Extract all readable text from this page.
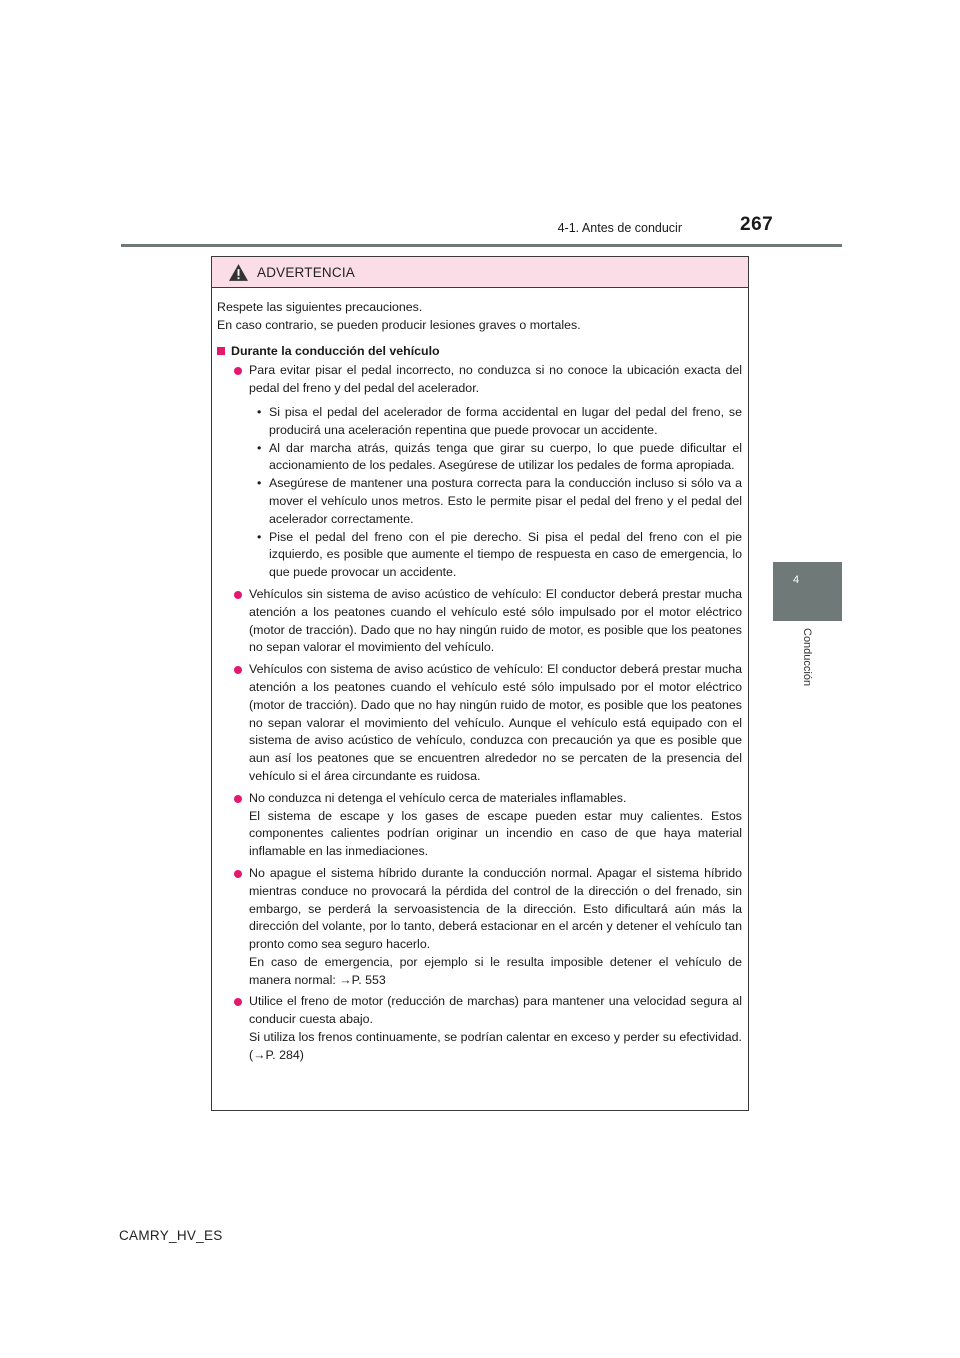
4-1. Antes de conducir	267
4
Conducción
ADVERTENCIA

Respete las siguientes precauciones.

En caso contrario, se pueden producir lesiones graves o mortales.

Durante la conducción del vehículo
Para evitar pisar el pedal incorrecto, no conduzca si no conoce la ubicación exacta del pedal del freno y del pedal del acelerador.
• Si pisa el pedal del acelerador de forma accidental en lugar del pedal del freno, se producirá una aceleración repentina que puede provocar un accidente.
• Al dar marcha atrás, quizás tenga que girar su cuerpo, lo que puede dificultar el accionamiento de los pedales. Asegúrese de utilizar los pedales de forma apropiada.
• Asegúrese de mantener una postura correcta para la conducción incluso si sólo va a mover el vehículo unos metros. Esto le permite pisar el pedal del freno y el pedal del acelerador correctamente.
• Pise el pedal del freno con el pie derecho. Si pisa el pedal del freno con el pie izquierdo, es posible que aumente el tiempo de respuesta en caso de emergencia, lo que puede provocar un accidente.
Vehículos sin sistema de aviso acústico de vehículo: El conductor deberá prestar mucha atención a los peatones cuando el vehículo esté sólo impulsado por el motor eléctrico (motor de tracción). Dado que no hay ningún ruido de motor, es posible que los peatones no sepan valorar el movimiento del vehículo.
Vehículos con sistema de aviso acústico de vehículo: El conductor deberá prestar mucha atención a los peatones cuando el vehículo esté sólo impulsado por el motor eléctrico (motor de tracción). Dado que no hay ningún ruido de motor, es posible que los peatones no sepan valorar el movimiento del vehículo. Aunque el vehículo está equipado con el sistema de aviso acústico de vehículo, conduzca con precaución ya que es posible que aun así los peatones que se encuentren alrededor no se percaten de la presencia del vehículo si el área circundante es ruidosa.
No conduzca ni detenga el vehículo cerca de materiales inflamables.
El sistema de escape y los gases de escape pueden estar muy calientes. Estos componentes calientes podrían originar un incendio en caso de que haya material inflamable en las inmediaciones.
No apague el sistema híbrido durante la conducción normal. Apagar el sistema híbrido mientras conduce no provocará la pérdida del control de la dirección o del frenado, sin embargo, se perderá la servoasistencia de la dirección. Esto dificultará aún más la dirección del volante, por lo tanto, deberá estacionar en el arcén y detener el vehículo tan pronto como sea seguro hacerlo.
En caso de emergencia, por ejemplo si le resulta imposible detener el vehículo de manera normal: →P. 553
Utilice el freno de motor (reducción de marchas) para mantener una velocidad segura al conducir cuesta abajo.
Si utiliza los frenos continuamente, se podrían calentar en exceso y perder su efectividad. (→P. 284)
CAMRY_HV_ES
